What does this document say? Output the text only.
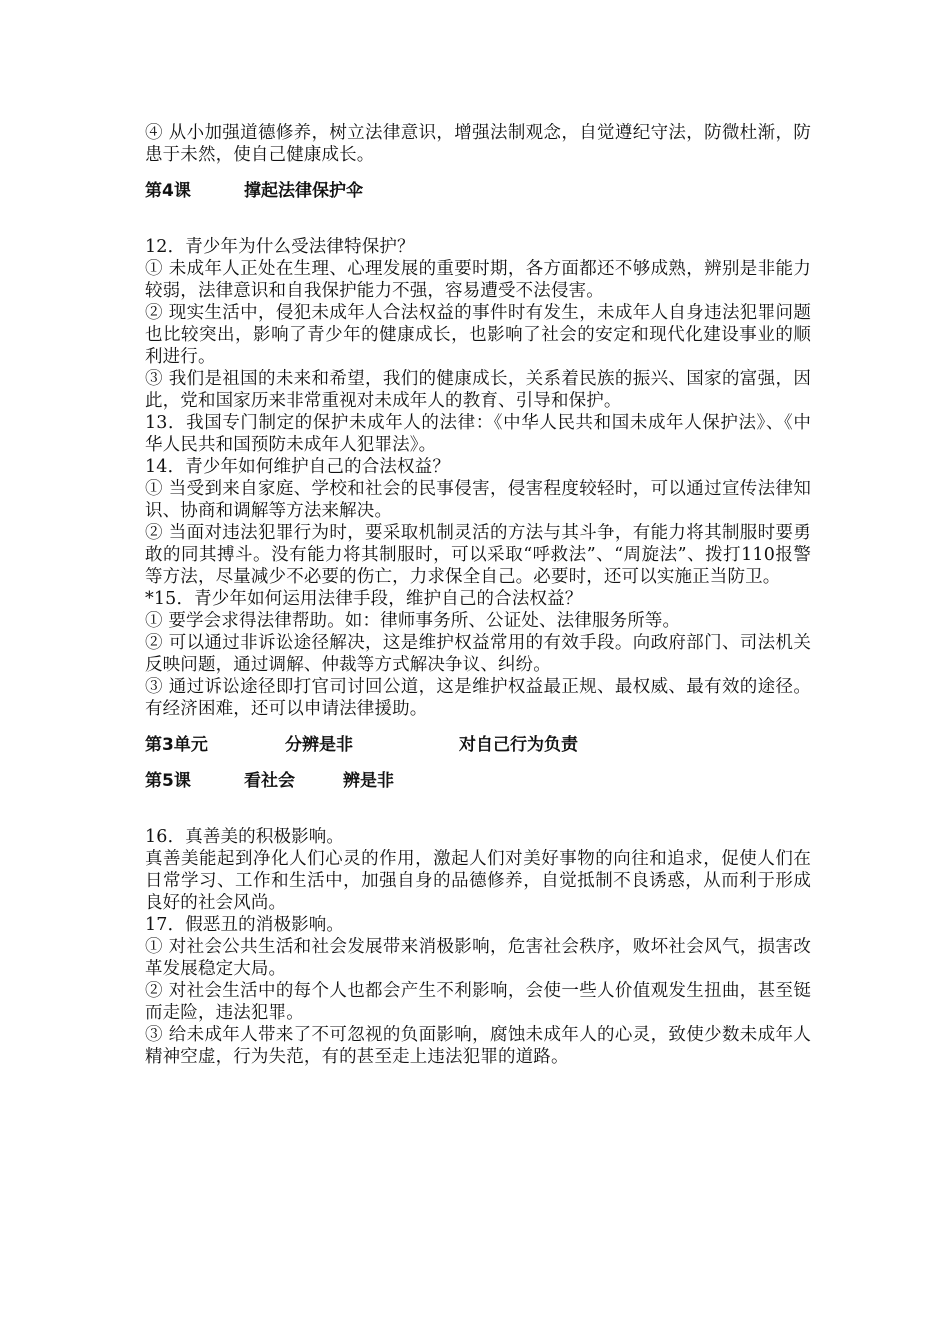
④ 从小加强道德修养，树立法律意识，增强法制观念，自觉遵纪守法，防微杜渐，防患于未然，使自己健康成长。

第4课	撑起法律保护伞

12．青少年为什么受法律特保护？

① 未成年人正处在生理、心理发展的重要时期，各方面都还不够成熟，辨别是非能力较弱，法律意识和自我保护能力不强，容易遭受不法侵害。

② 现实生活中，侵犯未成年人合法权益的事件时有发生，未成年人自身违法犯罪问题也比较突出，影响了青少年的健康成长，也影响了社会的安定和现代化建设事业的顺利进行。

③ 我们是祖国的未来和希望，我们的健康成长，关系着民族的振兴、国家的富强，因此，党和国家历来非常重视对未成年人的教育、引导和保护。

13．我国专门制定的保护未成年人的法律：《中华人民共和国未成年人保护法》、《中华人民共和国预防未成年人犯罪法》。

14．青少年如何维护自己的合法权益？

① 当受到来自家庭、学校和社会的民事侵害，侵害程度较轻时，可以通过宣传法律知识、协商和调解等方法来解决。

② 当面对违法犯罪行为时，要采取机制灵活的方法与其斗争，有能力将其制服时要勇敢的同其搏斗。没有能力将其制服时，可以采取“呼救法”、“周旋法”、拨打110报警等方法，尽量减少不必要的伤亡，力求保全自己。必要时，还可以实施正当防卫。

*15．青少年如何运用法律手段，维护自己的合法权益？

① 要学会求得法律帮助。如：律师事务所、公证处、法律服务所等。

② 可以通过非诉讼途径解决，这是维护权益常用的有效手段。向政府部门、司法机关反映问题，通过调解、仲裁等方式解决争议、纠纷。

③ 通过诉讼途径即打官司讨回公道，这是维护权益最正规、最权威、最有效的途径。有经济困难，还可以申请法律援助。

第3单元	分辨是非	对自己行为负责

第5课	看社会	辨是非

16．真善美的积极影响。

真善美能起到净化人们心灵的作用，激起人们对美好事物的向往和追求，促使人们在日常学习、工作和生活中，加强自身的品德修养，自觉抵制不良诱惑，从而利于形成良好的社会风尚。

17．假恶丑的消极影响。

① 对社会公共生活和社会发展带来消极影响，危害社会秩序，败坏社会风气，损害改革发展稳定大局。

② 对社会生活中的每个人也都会产生不利影响，会使一些人价值观发生扭曲，甚至铤而走险，违法犯罪。

③ 给未成年人带来了不可忽视的负面影响，腐蚀未成年人的心灵，致使少数未成年人精神空虚，行为失范，有的甚至走上违法犯罪的道路。
